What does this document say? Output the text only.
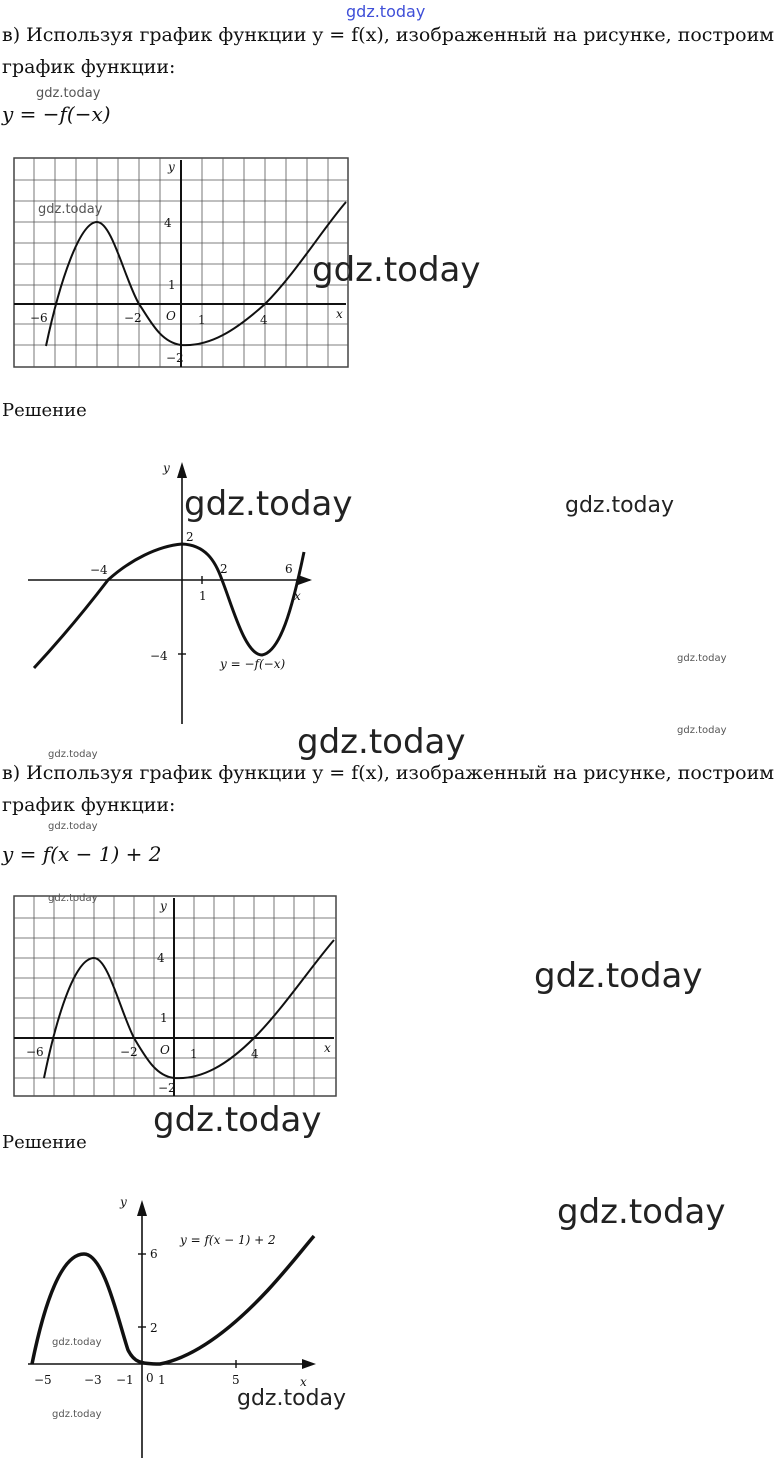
gdz.today
в) Используя график функции y = f(x), изображенный на рисунке, построим
график функции:
gdz.today
y = −f(−x)
y
x
O
−6	−2	1	4
4
1
−2
gdz.today
gdz.today
Решение
y
x
−4
2
2	6
1
−4
y = −f(−x)
gdz.today	gdz.today
gdz.today
gdz.today
gdz.today
gdz.today
в) Используя график функции y = f(x), изображенный на рисунке, построим
график функции:
gdz.today
y = f(x − 1) + 2
y
x
O
−6	−2	1	4
4
1
−2
gdz.today
gdz.today
gdz.today
Решение
y
x
6
2
−5	−3 −1 0 1	5
y = f(x − 1) + 2
gdz.today
gdz.today
gdz.today
gdz.today
